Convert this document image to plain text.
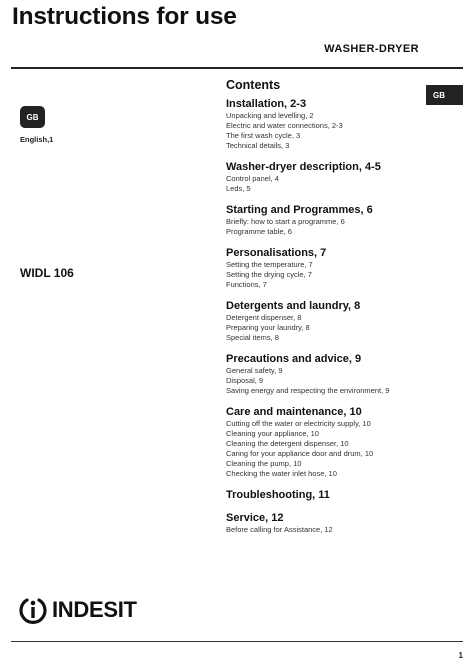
Instructions for use
WASHER-DRYER
GB
GB
English,1
WIDL 106
Contents
Installation, 2-3
Unpacking and levelling, 2
Electric and water connections, 2-3
The first wash cycle, 3
Technical details, 3
Washer-dryer description, 4-5
Control panel, 4
Leds, 5
Starting and Programmes, 6
Briefly: how to start a programme, 6
Programme table, 6
Personalisations, 7
Setting the temperature, 7
Setting the drying cycle, 7
Functions, 7
Detergents and laundry, 8
Detergent dispenser, 8
Preparing your laundry, 8
Special items, 8
Precautions and advice, 9
General safety, 9
Disposal, 9
Saving energy and respecting the environment, 9
Care and maintenance, 10
Cutting off the water or electricity supply, 10
Cleaning your appliance, 10
Cleaning the detergent dispenser, 10
Caring for your appliance door and drum, 10
Cleaning the pump, 10
Checking the water inlet hose, 10
Troubleshooting, 11
Service, 12
Before calling for Assistance, 12
INDESIT
1
